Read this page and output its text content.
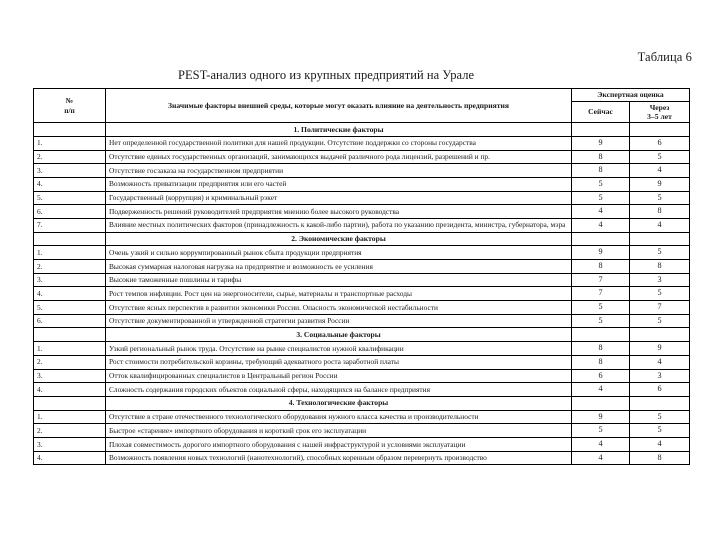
Таблица 6
PEST-анализ одного из крупных предприятий на Урале
№
п/п	Значимые факторы внешней среды, которые могут оказать влияние на деятельность предприятия	Экспертная оценка	
		Сейчас	Через
3–5 лет
	1. Политические факторы		
1.	Нет определенной государственной политики для нашей продукции. Отсутствие поддержки со стороны государства	9	6
2.	Отсутствие единых государственных организаций, занимающихся выдачей различного рода лицензий, разрешений и пр.	8	5
3.	Отсутствие госзаказа на государственном предприятии	8	4
4.	Возможность приватизации предприятия или его частей	5	9
5.	Государственный (коррупция) и криминальный рэкет	5	5
6.	Подверженность решений руководителей предприятия мнению более высокого руководства	4	8
7.	Влияние местных политических факторов (принадлежность к какой-либо партии), работа по указанию президента, министра, губернатора, мэра	4	4
	2. Экономические факторы		
1.	Очень узкий и сильно коррумпированный рынок сбыта продукции предприятия	9	5
2.	Высокая суммарная налоговая нагрузка на предприятие и возможность ее усиления	8	8
3.	Высокие таможенные пошлины и тарифы	7	3
4.	Рост темпов инфляции. Рост цен на энергоносители, сырье, материалы и транспортные расходы	7	5
5.	Отсутствие ясных перспектив в развитии экономики России. Опасность экономической нестабильности	5	7
6.	Отсутствие документированной и утвержденной стратегии развития России	5	5
	3. Социальные факторы		
1.	Узкий региональный рынок труда. Отсутствие на рынке специалистов нужной квалификации	8	9
2.	Рост стоимости потребительской корзины, требующий адекватного роста заработной платы	8	4
3.	Отток квалифицированных специалистов в Центральный регион России	6	3
4.	Сложность содержания городских объектов социальной сферы, находящихся на балансе предприятия	4	6
	4. Технологические факторы		
1.	Отсутствие в стране отечественного технологического оборудования нужного класса качества и производительности	9	5
2.	Быстрое «старение» импортного оборудования и короткий срок его эксплуатации	5	5
3.	Плохая совместимость дорогого импортного оборудования с нашей инфраструктурой и условиями эксплуатации	4	4
4.	Возможность появления новых технологий (нанотехнологий), способных коренным образом перевернуть производство	4	8
